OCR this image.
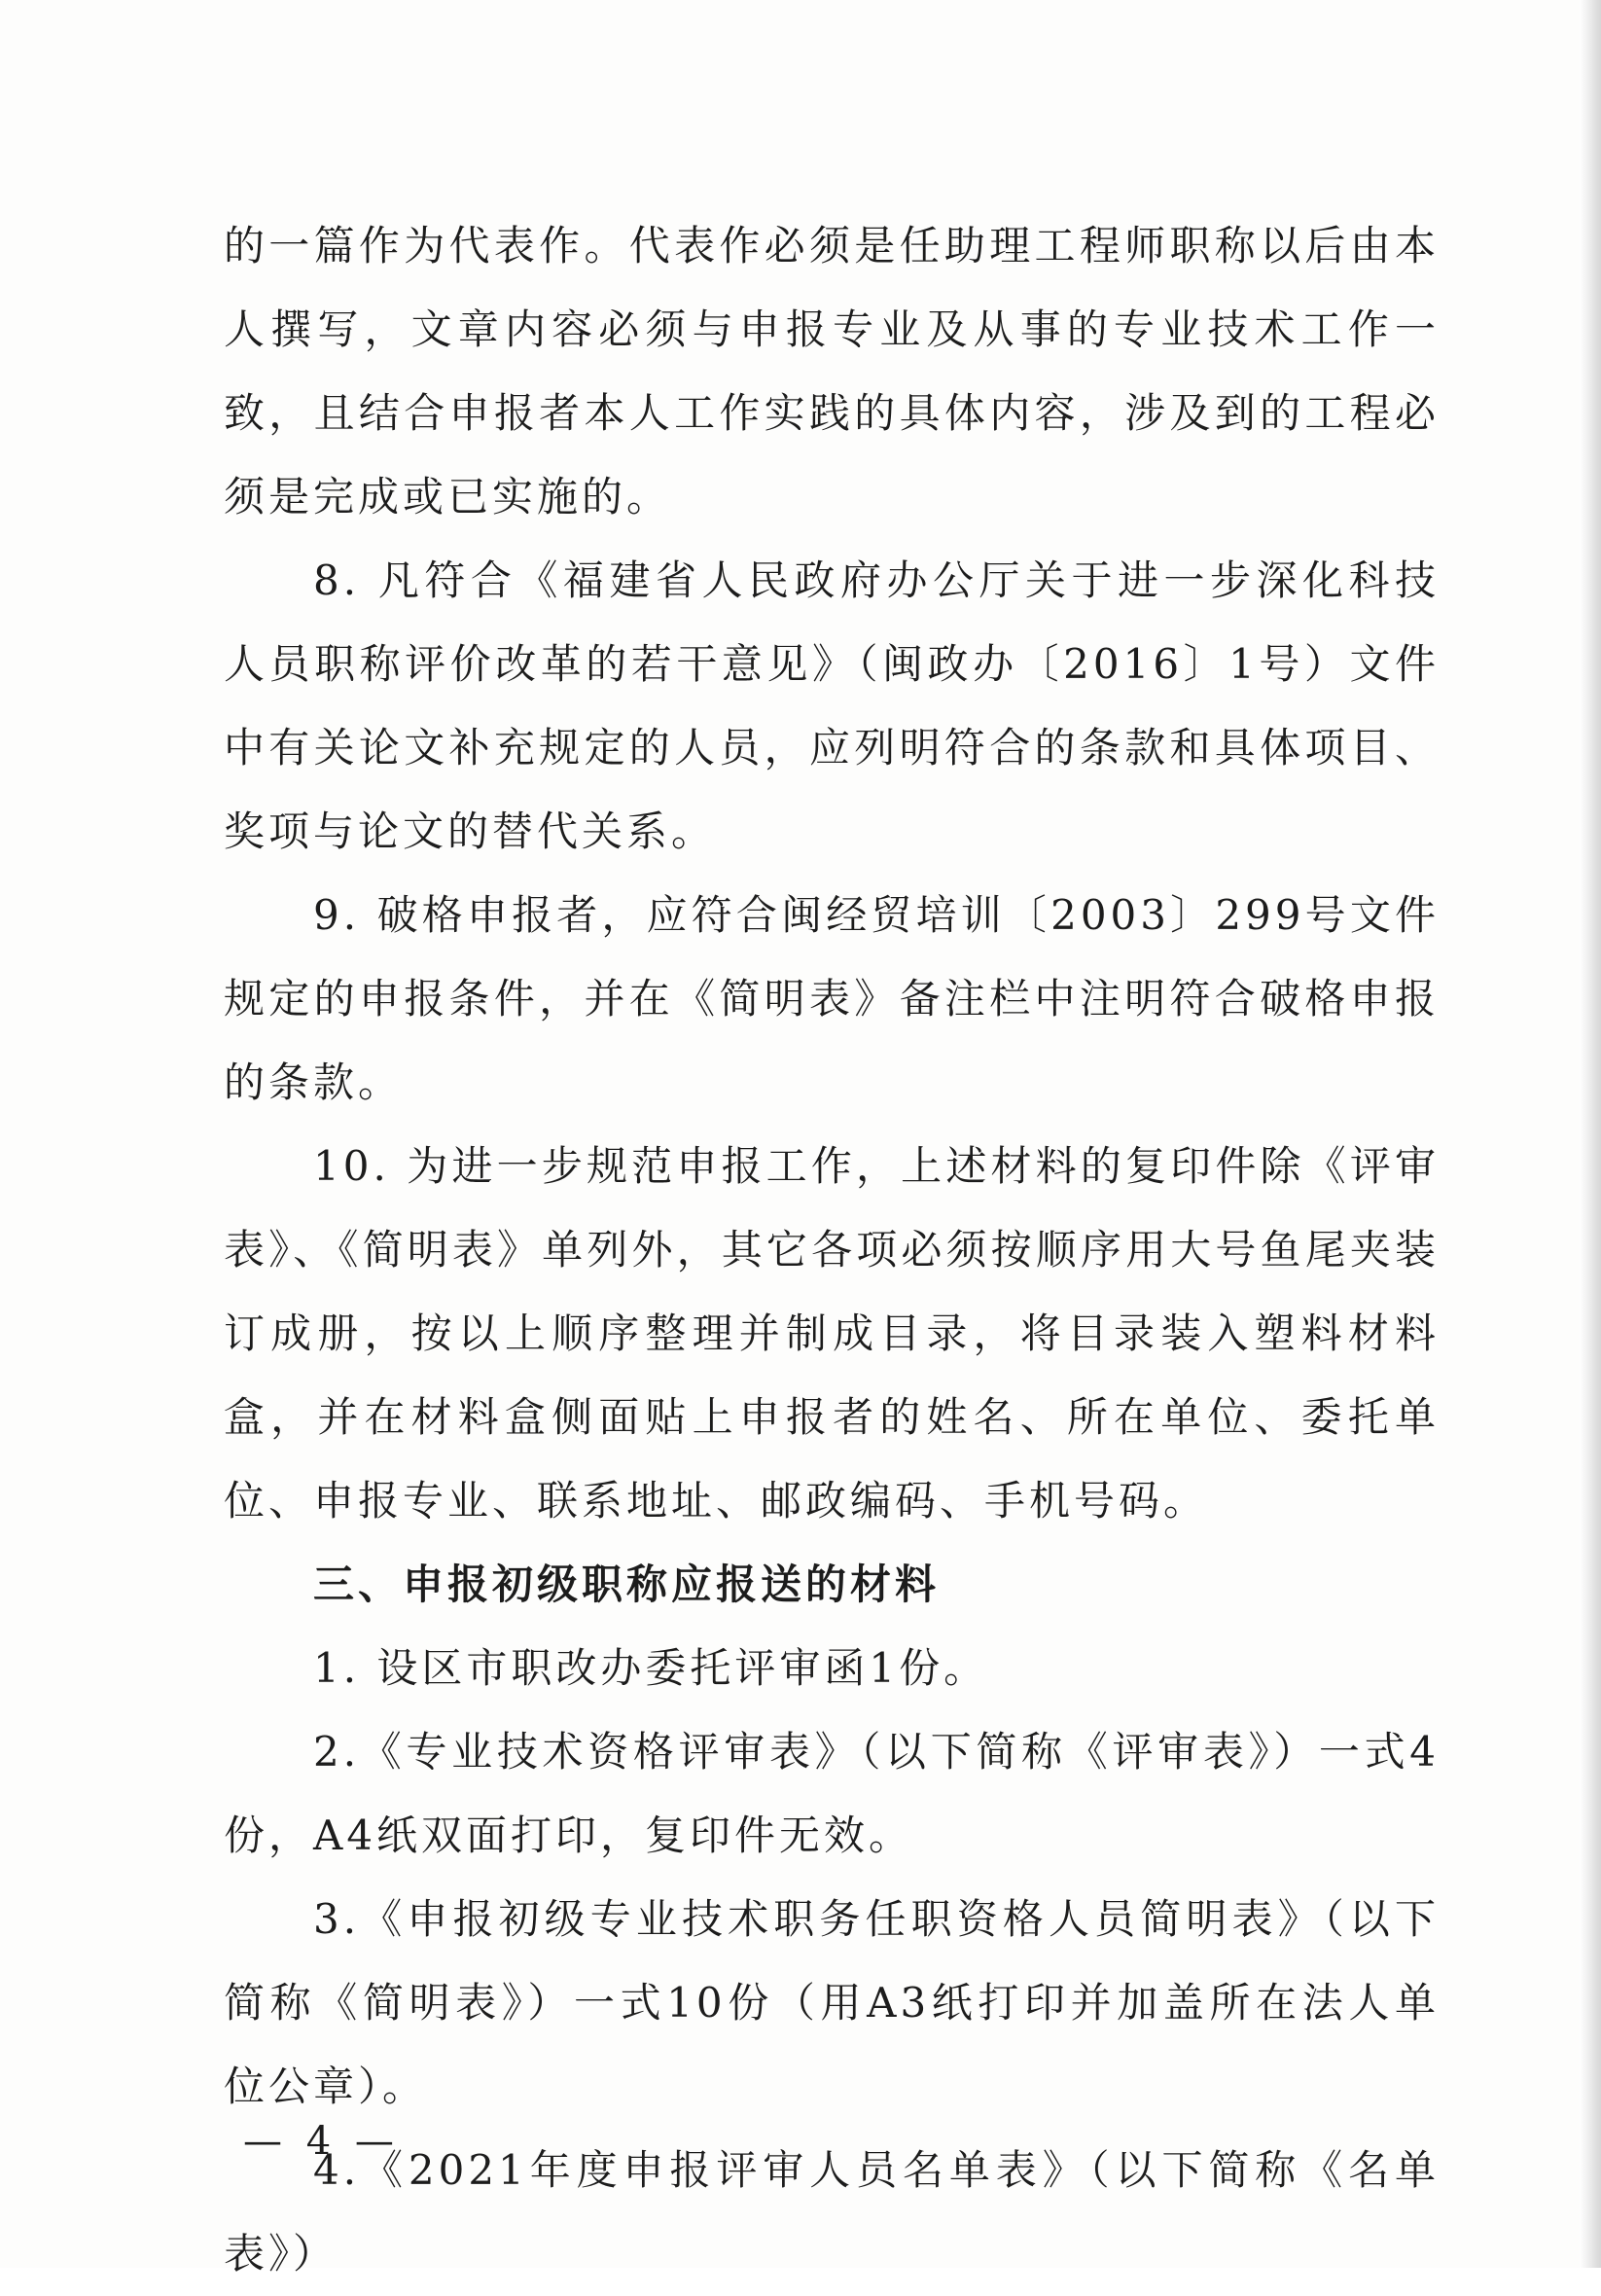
的一篇作为代表作。代表作必须是任助理工程师职称以后由本人撰写，文章内容必须与申报专业及从事的专业技术工作一致，且结合申报者本人工作实践的具体内容，涉及到的工程必须是完成或已实施的。

8. 凡符合《福建省人民政府办公厅关于进一步深化科技人员职称评价改革的若干意见》（闽政办〔2016〕1号）文件中有关论文补充规定的人员，应列明符合的条款和具体项目、奖项与论文的替代关系。

9. 破格申报者，应符合闽经贸培训〔2003〕299号文件规定的申报条件，并在《简明表》备注栏中注明符合破格申报的条款。

10. 为进一步规范申报工作，上述材料的复印件除《评审表》、《简明表》单列外，其它各项必须按顺序用大号鱼尾夹装订成册，按以上顺序整理并制成目录，将目录装入塑料材料盒，并在材料盒侧面贴上申报者的姓名、所在单位、委托单位、申报专业、联系地址、邮政编码、手机号码。

三、申报初级职称应报送的材料

1. 设区市职改办委托评审函1份。

2.《专业技术资格评审表》（以下简称《评审表》）一式4份，A4纸双面打印，复印件无效。

3.《申报初级专业技术职务任职资格人员简明表》（以下简称《简明表》）一式10份（用A3纸打印并加盖所在法人单位公章）。

4.《2021年度申报评审人员名单表》（以下简称《名单表》）

— 4 —
